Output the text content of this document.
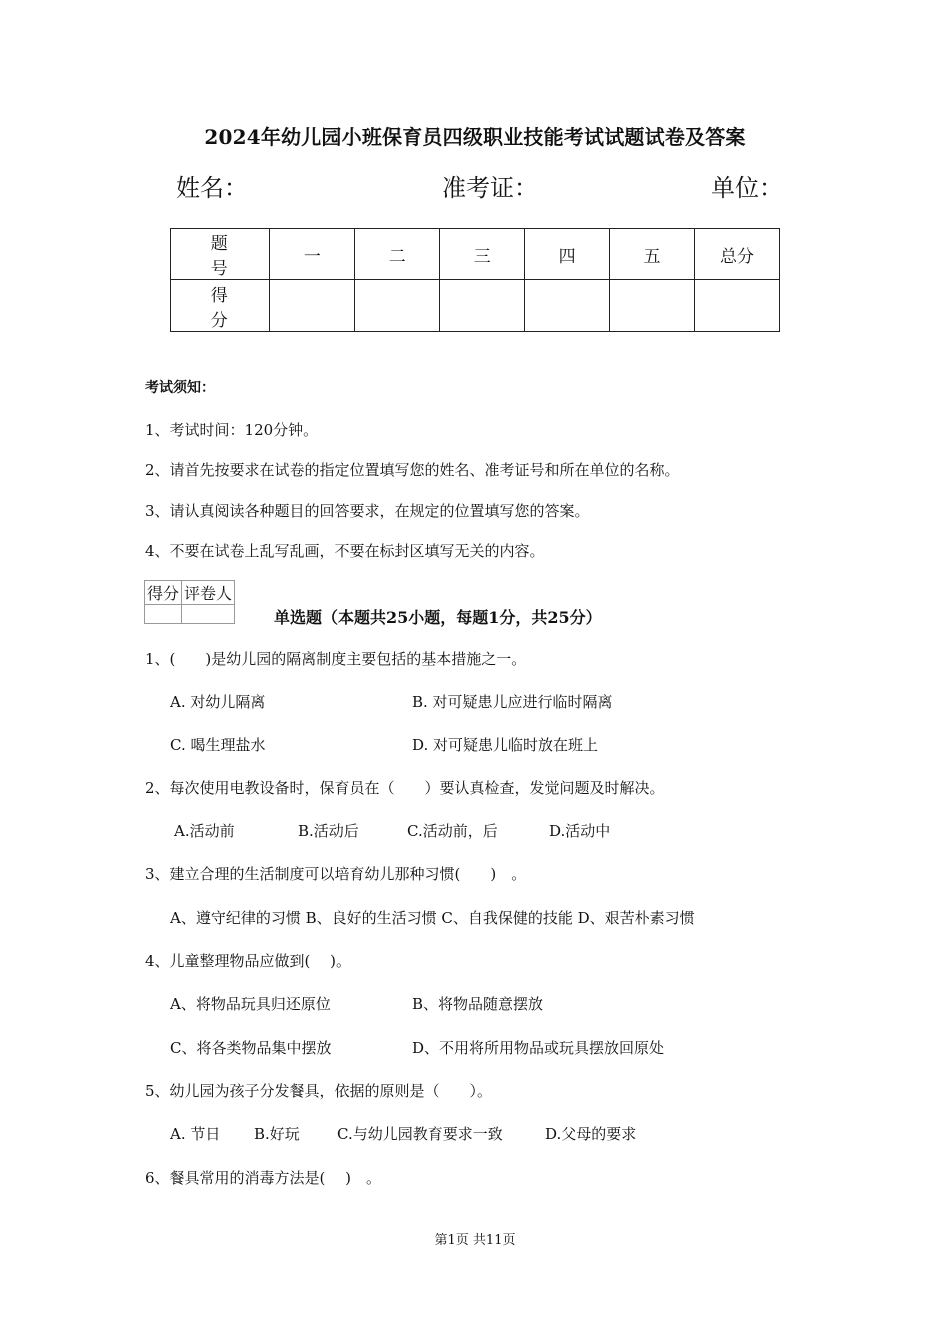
2024年幼儿园小班保育员四级职业技能考试试题试卷及答案
姓名：	准考证：	单位：
题 号	一	二	三	四	五	总分
得 分						
考试须知：
1、考试时间：120分钟。
2、请首先按要求在试卷的指定位置填写您的姓名、准考证号和所在单位的名称。
3、请认真阅读各种题目的回答要求，在规定的位置填写您的答案。
4、不要在试卷上乱写乱画，不要在标封区填写无关的内容。
得分	评卷人

单选题（本题共25小题，每题1分，共25分）
1、(　　)是幼儿园的隔离制度主要包括的基本措施之一。
A. 对幼儿隔离	B. 对可疑患儿应进行临时隔离
C. 喝生理盐水	D. 对可疑患儿临时放在班上
2、每次使用电教设备时，保育员在（　　）要认真检查，发觉问题及时解决。
A.活动前	B.活动后	C.活动前，后	D.活动中
3、建立合理的生活制度可以培育幼儿那种习惯(　　)　。
A、遵守纪律的习惯 B、良好的生活习惯 C、自我保健的技能 D、艰苦朴素习惯
4、儿童整理物品应做到(　 )。
A、将物品玩具归还原位	B、将物品随意摆放
C、将各类物品集中摆放	D、不用将所用物品或玩具摆放回原处
5、幼儿园为孩子分发餐具，依据的原则是（　　）。
A. 节日 B.好玩 C.与幼儿园教育要求一致	D.父母的要求
6、餐具常用的消毒方法是(　 )　。
第1页 共11页
